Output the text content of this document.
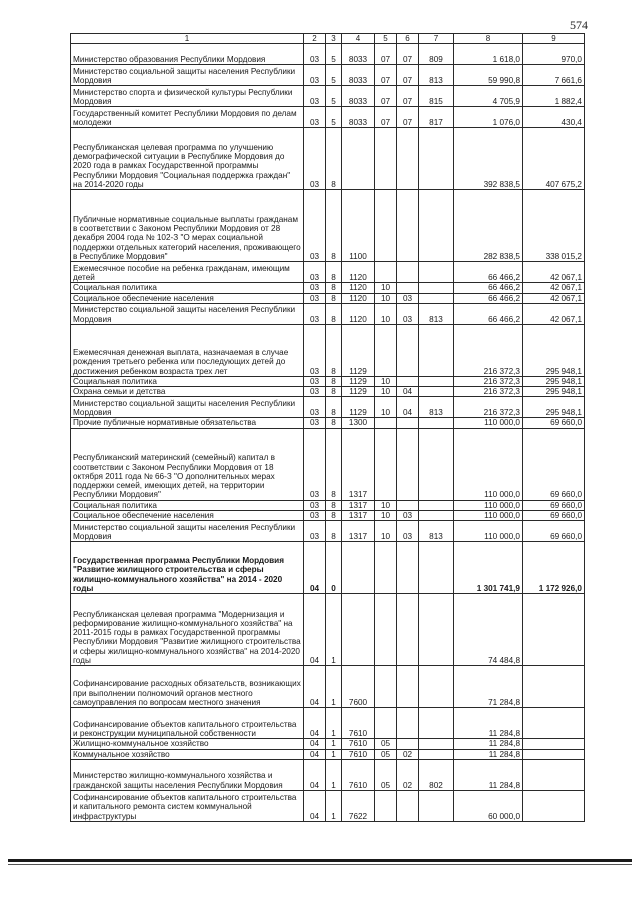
574
1	2	3	4	5	6	7	8	9
Министерство образования Республики Мордовия	03	5	8033	07	07	809	1 618,0	970,0
Министерство социальной защиты населения Республики Мордовия	03	5	8033	07	07	813	59 990,8	7 661,6
Министерство спорта и физической культуры Республики Мордовия	03	5	8033	07	07	815	4 705,9	1 882,4
Государственный комитет Республики Мордовия по делам молодежи	03	5	8033	07	07	817	1 076,0	430,4
Республиканская целевая программа по улучшению демографической ситуации в Республике Мордовия до 2020 года в рамках Государственной программы Республики Мордовия "Социальная поддержка граждан" на 2014-2020 годы	03	8					392 838,5	407 675,2
Публичные нормативные социальные выплаты гражданам в соответствии с Законом Республики Мордовия от 28 декабря 2004 года № 102-З "О мерах социальной поддержки отдельных категорий населения, проживающего в Республике Мордовия"	03	8	1100				282 838,5	338 015,2
Ежемесячное пособие на ребенка гражданам, имеющим детей	03	8	1120				66 466,2	42 067,1
Социальная политика	03	8	1120	10			66 466,2	42 067,1
Социальное обеспечение населения	03	8	1120	10	03		66 466,2	42 067,1
Министерство социальной защиты населения Республики Мордовия	03	8	1120	10	03	813	66 466,2	42 067,1
Ежемесячная денежная выплата, назначаемая в случае рождения третьего ребенка или последующих детей до достижения ребенком возраста трех лет	03	8	1129				216 372,3	295 948,1
Социальная политика	03	8	1129	10			216 372,3	295 948,1
Охрана семьи и детства	03	8	1129	10	04		216 372,3	295 948,1
Министерство социальной защиты населения Республики Мордовия	03	8	1129	10	04	813	216 372,3	295 948,1
Прочие публичные нормативные обязательства	03	8	1300				110 000,0	69 660,0
Республиканский материнский (семейный) капитал в соответствии с Законом Республики Мордовия от 18 октября 2011 года № 66-З "О дополнительных мерах поддержки семей, имеющих детей, на территории Республики Мордовия"	03	8	1317				110 000,0	69 660,0
Социальная политика	03	8	1317	10			110 000,0	69 660,0
Социальное обеспечение населения	03	8	1317	10	03		110 000,0	69 660,0
Министерство социальной защиты населения Республики Мордовия	03	8	1317	10	03	813	110 000,0	69 660,0
Государственная программа Республики Мордовия "Развитие жилищного строительства и сферы жилищно-коммунального хозяйства" на 2014 - 2020 годы	04	0					1 301 741,9	1 172 926,0
Республиканская целевая программа "Модернизация и реформирование жилищно-коммунального хозяйства" на 2011-2015 годы в рамках Государственной программы Республики Мордовия "Развитие жилищного строительства и сферы жилищно-коммунального хозяйства" на 2014-2020 годы	04	1					74 484,8	
Софинансирование расходных обязательств, возникающих при выполнении полномочий органов местного самоуправления по вопросам местного значения	04	1	7600				71 284,8	
Софинансирование объектов капитального строительства и реконструкции муниципальной собственности	04	1	7610				11 284,8	
Жилищно-коммунальное хозяйство	04	1	7610	05			11 284,8	
Коммунальное хозяйство	04	1	7610	05	02		11 284,8	
Министерство жилищно-коммунального хозяйства и гражданской защиты населения Республики Мордовия	04	1	7610	05	02	802	11 284,8	
Софинансирование объектов капитального строительства и капитального ремонта систем коммунальной инфраструктуры	04	1	7622				60 000,0	
